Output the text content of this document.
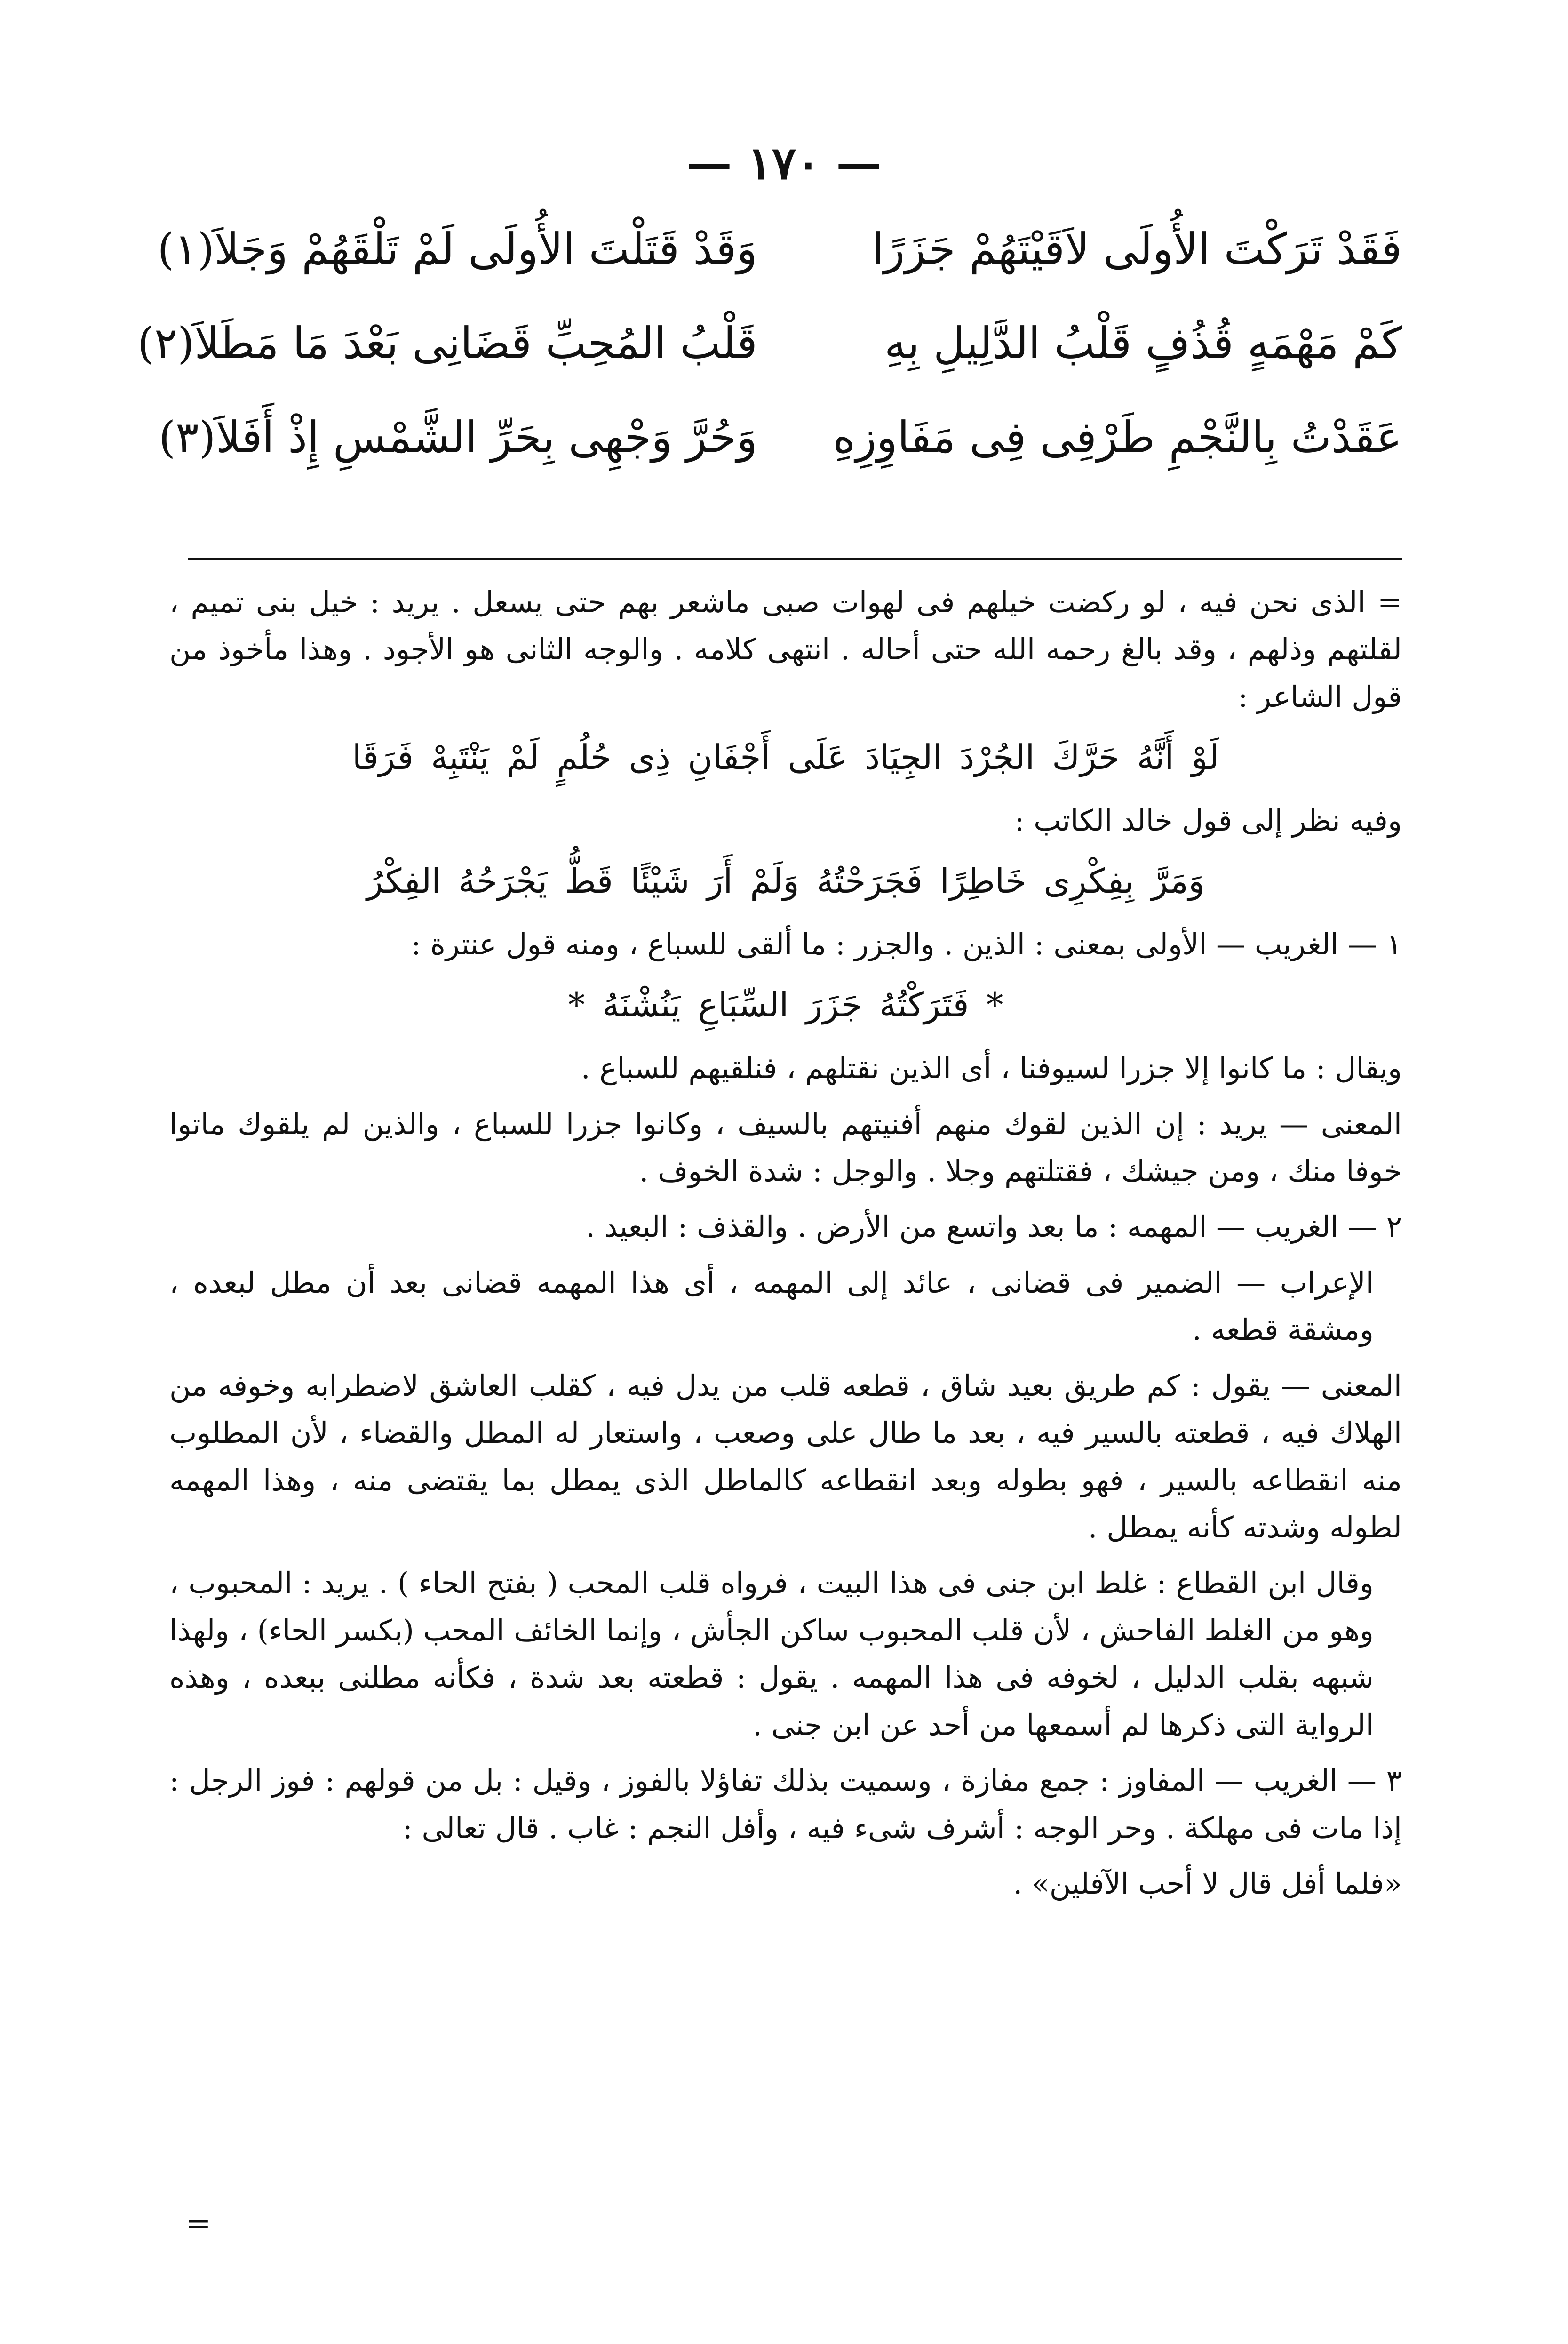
— ١٧٠ —
فَقَدْ تَرَكْتَ الأُولَى لاَقَيْتَهُمْ جَزَرًا
وَقَدْ قَتَلْتَ الأُولَى لَمْ تَلْقَهُمْ وَجَلاَ(١)
كَمْ مَهْمَهٍ قُذُفٍ قَلْبُ الدَّلِيلِ بِهِ
قَلْبُ المُحِبِّ قَضَانِى بَعْدَ مَا مَطَلاَ(٢)
عَقَدْتُ بِالنَّجْمِ طَرْفِى فِى مَفَاوِزِهِ
وَحُرَّ وَجْهِى بِحَرِّ الشَّمْسِ إِذْ أَفَلاَ(٣)

= الذى نحن فيه ، لو ركضت خيلهم فى لهوات صبى ماشعر بهم حتى يسعل . يريد : خيل بنى تميم ، لقلتهم وذلهم ، وقد بالغ رحمه الله حتى أحاله . انتهى كلامه . والوجه الثانى هو الأجود . وهذا مأخوذ من قول الشاعر :

لَوْ أَنَّهُ حَرَّكَ الجُرْدَ الجِيَادَ عَلَى أَجْفَانِ ذِى حُلُمٍ لَمْ يَنْتَبِهْ فَرَقَا

وفيه نظر إلى قول خالد الكاتب :

وَمَرَّ بِفِكْرِى خَاطِرًا فَجَرَحْتُهُ وَلَمْ أَرَ شَيْئًا قَطُّ يَجْرَحُهُ الفِكْرُ

١ — الغريب — الأولى بمعنى : الذين . والجزر : ما ألقى للسباع ، ومنه قول عنترة :

* فَتَرَكْتُهُ جَزَرَ السِّبَاعِ يَنُشْنَهُ *

ويقال : ما كانوا إلا جزرا لسيوفنا ، أى الذين نقتلهم ، فنلقيهم للسباع .

المعنى — يريد : إن الذين لقوك منهم أفنيتهم بالسيف ، وكانوا جزرا للسباع ، والذين لم يلقوك ماتوا خوفا منك ، ومن جيشك ، فقتلتهم وجلا . والوجل : شدة الخوف .

٢ — الغريب — المهمه : ما بعد واتسع من الأرض . والقذف : البعيد .

الإعراب — الضمير فى قضانى ، عائد إلى المهمه ، أى هذا المهمه قضانى بعد أن مطل لبعده ، ومشقة قطعه .

المعنى — يقول : كم طريق بعيد شاق ، قطعه قلب من يدل فيه ، كقلب العاشق لاضطرابه وخوفه من الهلاك فيه ، قطعته بالسير فيه ، بعد ما طال على وصعب ، واستعار له المطل والقضاء ، لأن المطلوب منه انقطاعه بالسير ، فهو بطوله وبعد انقطاعه كالماطل الذى يمطل بما يقتضى منه ، وهذا المهمه لطوله وشدته كأنه يمطل .

وقال ابن القطاع : غلط ابن جنى فى هذا البيت ، فرواه قلب المحب ( بفتح الحاء ) . يريد : المحبوب ، وهو من الغلط الفاحش ، لأن قلب المحبوب ساكن الجأش ، وإنما الخائف المحب (بكسر الحاء) ، ولهذا شبهه بقلب الدليل ، لخوفه فى هذا المهمه . يقول : قطعته بعد شدة ، فكأنه مطلنى ببعده ، وهذه الرواية التى ذكرها لم أسمعها من أحد عن ابن جنى .

٣ — الغريب — المفاوز : جمع مفازة ، وسميت بذلك تفاؤلا بالفوز ، وقيل : بل من قولهم : فوز الرجل : إذا مات فى مهلكة . وحر الوجه : أشرف شىء فيه ، وأفل النجم : غاب . قال تعالى :

«فلما أفل قال لا أحب الآفلين» .

=
